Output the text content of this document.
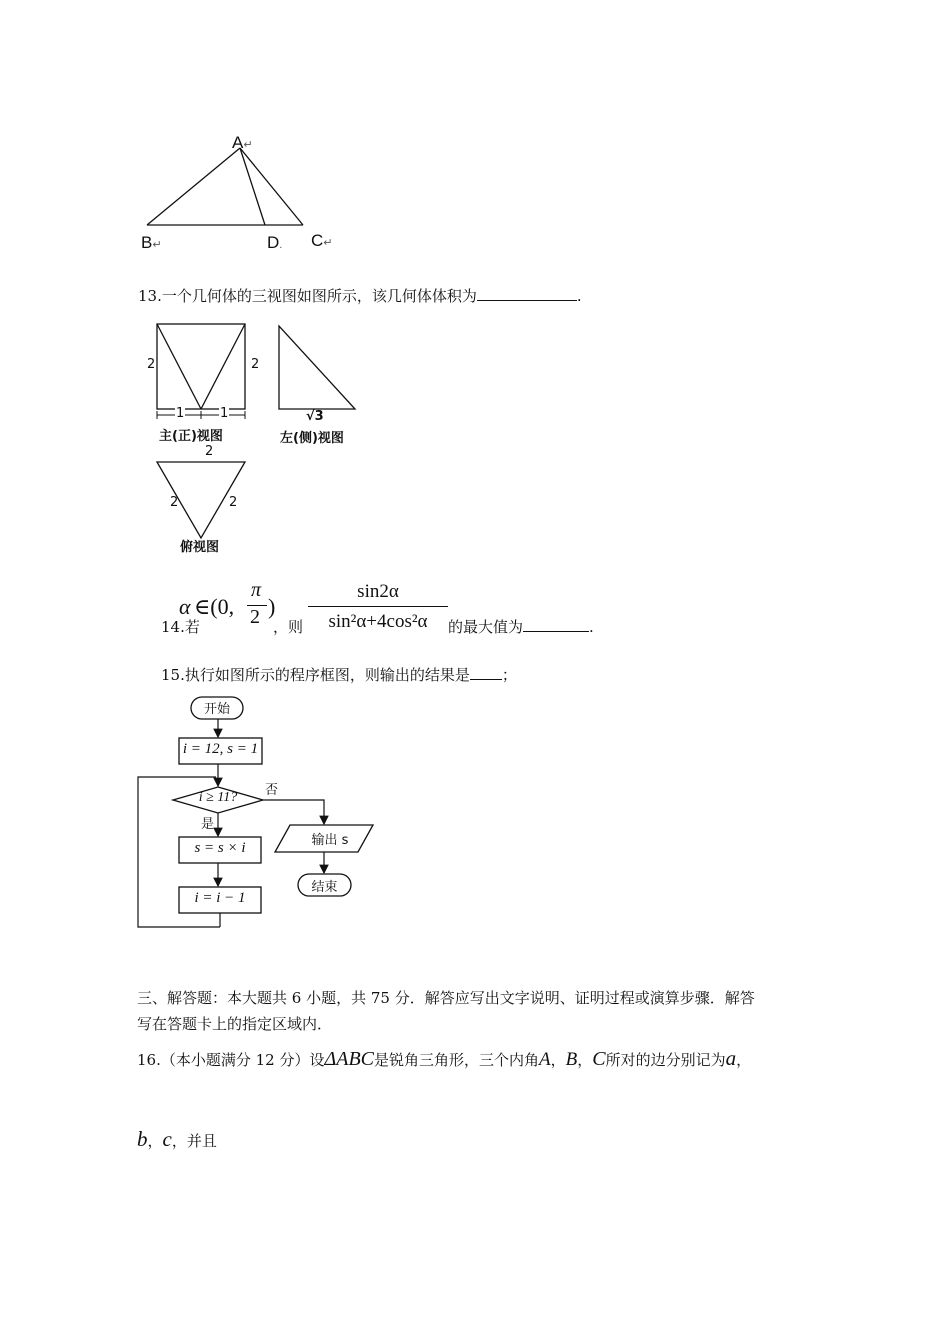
A↵
B↵	D. C↵
13.一个几何体的三视图如图所示，该几何体体积为	.
2	2
1	1
主(正)视图
√3
左(侧)视图
2
2	2
俯视图
14.若
α ∈(0,
π
2 )
，则
sin2α
sin²α+4cos²α	的最大值为	.
15.执行如图所示的程序框图，则输出的结果是 ；
开始
i = 12, s = 1
i ≥ 11?	否
是
s = s × i
i = i − 1
输出 s
结束
三、解答题：本大题共 6 小题，共 75 分．解答应写出文字说明、证明过程或演算步骤．解答
写在答题卡上的指定区域内．
16.（本小题满分 12 分）设ΔABC是锐角三角形，三个内角A，B，C所对的边分别记为a，
b，c，并且
